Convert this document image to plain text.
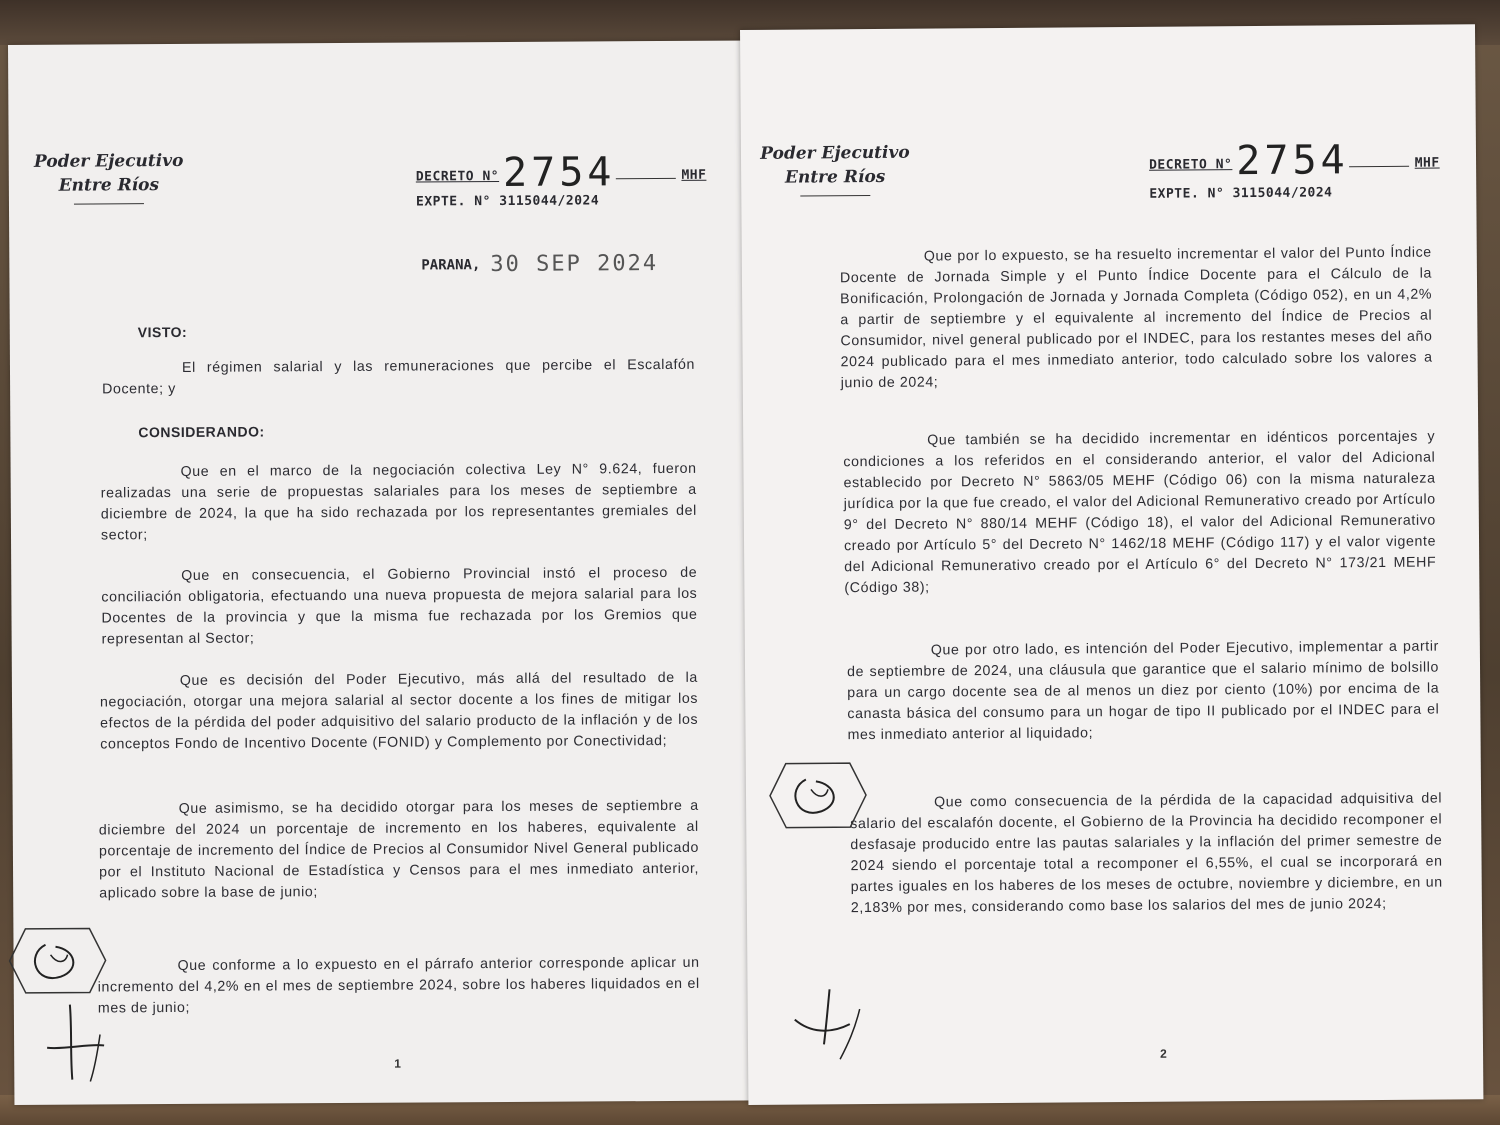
Poder Ejecutivo
Entre Ríos	DECRETO N°2754	MHF
EXPTE. N° 3115044/2024
PARANA, 30 SEP 2024
VISTO:

El régimen salarial y las remuneraciones que percibe el Escalafón Docente; y

CONSIDERANDO:

Que en el marco de la negociación colectiva Ley N° 9.624, fueron realizadas una serie de propuestas salariales para los meses de septiembre a diciembre de 2024, la que ha sido rechazada por los representantes gremiales del sector;

Que en consecuencia, el Gobierno Provincial instó el proceso de conciliación obligatoria, efectuando una nueva propuesta de mejora salarial para los Docentes de la provincia y que la misma fue rechazada por los Gremios que representan al Sector;

Que es decisión del Poder Ejecutivo, más allá del resultado de la negociación, otorgar una mejora salarial al sector docente a los fines de mitigar los efectos de la pérdida del poder adquisitivo del salario producto de la inflación y de los conceptos Fondo de Incentivo Docente (FONID) y Complemento por Conectividad;

Que asimismo, se ha decidido otorgar para los meses de septiembre a diciembre del 2024 un porcentaje de incremento en los haberes, equivalente al porcentaje de incremento del Índice de Precios al Consumidor Nivel General publicado por el Instituto Nacional de Estadística y Censos para el mes inmediato anterior, aplicado sobre la base de junio;

Que conforme a lo expuesto en el párrafo anterior corresponde aplicar un incremento del 4,2% en el mes de septiembre 2024, sobre los haberes liquidados en el mes de junio;

1
Poder Ejecutivo
Entre Ríos
DECRETO N°2754	MHF
EXPTE. N° 3115044/2024

Que por lo expuesto, se ha resuelto incrementar el valor del Punto Índice Docente de Jornada Simple y el Punto Índice Docente para el Cálculo de la Bonificación, Prolongación de Jornada y Jornada Completa (Código 052), en un 4,2% a partir de septiembre y el equivalente al incremento del Índice de Precios al Consumidor, nivel general publicado por el INDEC, para los restantes meses del año 2024 publicado para el mes inmediato anterior, todo calculado sobre los valores a junio de 2024;

Que también se ha decidido incrementar en idénticos porcentajes y condiciones a los referidos en el considerando anterior, el valor del Adicional establecido por Decreto N° 5863/05 MEHF (Código 06) con la misma naturaleza jurídica por la que fue creado, el valor del Adicional Remunerativo creado por Artículo 9° del Decreto N° 880/14 MEHF (Código 18), el valor del Adicional Remunerativo creado por Artículo 5° del Decreto N° 1462/18 MEHF (Código 117) y el valor vigente del Adicional Remunerativo creado por el Artículo 6° del Decreto N° 173/21 MEHF (Código 38);

Que por otro lado, es intención del Poder Ejecutivo, implementar a partir de septiembre de 2024, una cláusula que garantice que el salario mínimo de bolsillo para un cargo docente sea de al menos un diez por ciento (10%) por encima de la canasta básica del consumo para un hogar de tipo II publicado por el INDEC para el mes inmediato anterior al liquidado;

Que como consecuencia de la pérdida de la capacidad adquisitiva del salario del escalafón docente, el Gobierno de la Provincia ha decidido recomponer el desfasaje producido entre las pautas salariales y la inflación del primer semestre de 2024 siendo el porcentaje total a recomponer el 6,55%, el cual se incorporará en partes iguales en los haberes de los meses de octubre, noviembre y diciembre, en un 2,183% por mes, considerando como base los salarios del mes de junio 2024;

2
